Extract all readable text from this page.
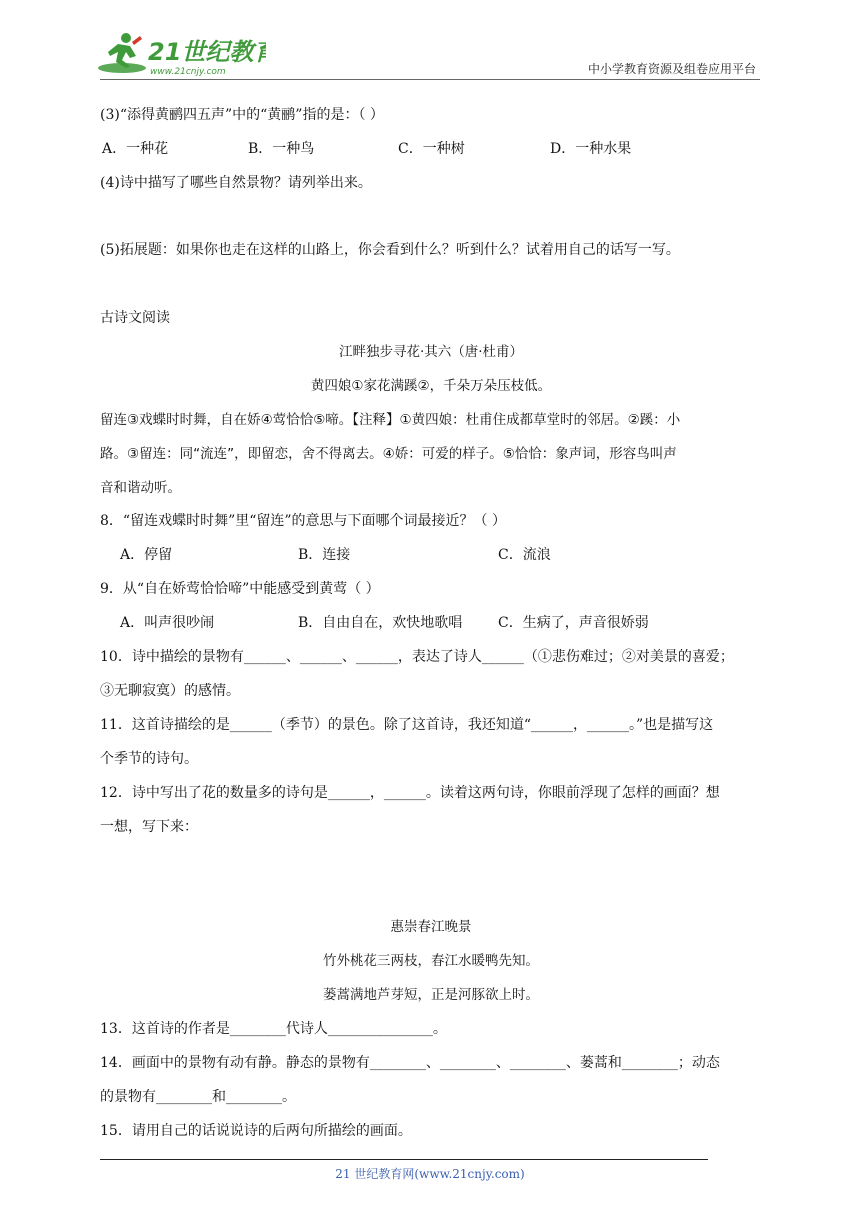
21世纪教育
www.21cnjy.com	中小学教育资源及组卷应用平台
(3)“添得黄鹂四五声”中的“黄鹂”指的是：（ ）
A．一种花	B．一种鸟	C．一种树	D．一种水果
(4)诗中描写了哪些自然景物？请列举出来。
(5)拓展题：如果你也走在这样的山路上，你会看到什么？听到什么？试着用自己的话写一写。
古诗文阅读
江畔独步寻花·其六（唐·杜甫）
黄四娘①家花满蹊②，千朵万朵压枝低。
留连③戏蝶时时舞，自在娇④莺恰恰⑤啼。【注释】①黄四娘：杜甫住成都草堂时的邻居。②蹊：小
路。③留连：同“流连”，即留恋，舍不得离去。④娇：可爱的样子。⑤恰恰：象声词，形容鸟叫声
音和谐动听。
8．“留连戏蝶时时舞”里“留连”的意思与下面哪个词最接近？（ ）
A．停留	B．连接	C．流浪
9．从“自在娇莺恰恰啼”中能感受到黄莺（ ）
A．叫声很吵闹	B．自由自在，欢快地歌唱	C．生病了，声音很娇弱
10．诗中描绘的景物有______、______、______，表达了诗人______（①悲伤难过；②对美景的喜爱；
③无聊寂寞）的感情。
11．这首诗描绘的是______（季节）的景色。除了这首诗，我还知道“______，______。”也是描写这
个季节的诗句。
12．诗中写出了花的数量多的诗句是______，______。读着这两句诗，你眼前浮现了怎样的画面？想
一想，写下来：
惠崇春江晚景
竹外桃花三两枝，春江水暖鸭先知。
蒌蒿满地芦芽短，正是河豚欲上时。
13．这首诗的作者是________代诗人_______________。
14．画面中的景物有动有静。静态的景物有________、________、________、蒌蒿和________；动态
的景物有________和________。
15．请用自己的话说说诗的后两句所描绘的画面。
21 世纪教育网(www.21cnjy.com)
